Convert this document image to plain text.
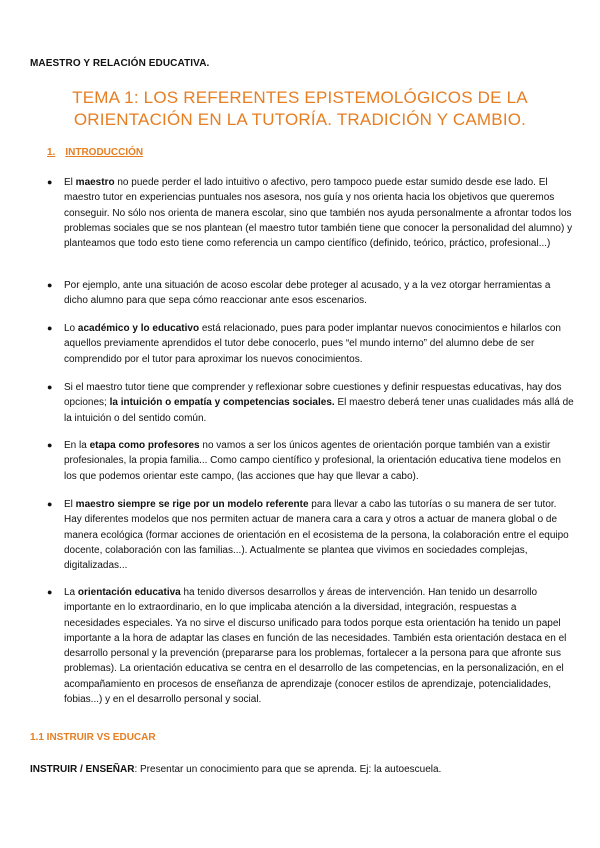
MAESTRO Y RELACIÓN EDUCATIVA.
TEMA 1: LOS REFERENTES EPISTEMOLÓGICOS DE LA
ORIENTACIÓN EN LA TUTORÍA. TRADICIÓN Y CAMBIO.
1. INTRODUCCIÓN
● El maestro no puede perder el lado intuitivo o afectivo, pero tampoco puede estar sumido desde ese lado. El maestro tutor en experiencias puntuales nos asesora, nos guía y nos orienta hacia los objetivos que queremos conseguir. No sólo nos orienta de manera escolar, sino que también nos ayuda personalmente a afrontar todos los problemas sociales que se nos plantean (el maestro tutor también tiene que conocer la personalidad del alumno) y planteamos que todo esto tiene como referencia un campo científico (definido, teórico, práctico, profesional...)
● Por ejemplo, ante una situación de acoso escolar debe proteger al acusado, y a la vez otorgar herramientas a dicho alumno para que sepa cómo reaccionar ante esos escenarios.
● Lo académico y lo educativo está relacionado, pues para poder implantar nuevos conocimientos e hilarlos con aquellos previamente aprendidos el tutor debe conocerlo, pues “el mundo interno” del alumno debe de ser comprendido por el tutor para aproximar los nuevos conocimientos.
● Si el maestro tutor tiene que comprender y reflexionar sobre cuestiones y definir respuestas educativas, hay dos opciones; la intuición o empatía y competencias sociales. El maestro deberá tener unas cualidades más allá de la intuición o del sentido común.
● En la etapa como profesores no vamos a ser los únicos agentes de orientación porque también van a existir profesionales, la propia familia... Como campo científico y profesional, la orientación educativa tiene modelos en los que podemos orientar este campo, (las acciones que hay que llevar a cabo).
● El maestro siempre se rige por un modelo referente para llevar a cabo las tutorías o su manera de ser tutor. Hay diferentes modelos que nos permiten actuar de manera cara a cara y otros a actuar de manera global o de manera ecológica (formar acciones de orientación en el ecosistema de la persona, la colaboración entre el equipo docente, colaboración con las familias...). Actualmente se plantea que vivimos en sociedades complejas, digitalizadas...
● La orientación educativa ha tenido diversos desarrollos y áreas de intervención. Han tenido un desarrollo importante en lo extraordinario, en lo que implicaba atención a la diversidad, integración, respuestas a necesidades especiales. Ya no sirve el discurso unificado para todos porque esta orientación ha tenido un papel importante a la hora de adaptar las clases en función de las necesidades. También esta orientación destaca en el desarrollo personal y la prevención (prepararse para los problemas, fortalecer a la persona para que afronte sus problemas). La orientación educativa se centra en el desarrollo de las competencias, en la personalización, en el acompañamiento en procesos de enseñanza de aprendizaje (conocer estilos de aprendizaje, potencialidades, fobias...) y en el desarrollo personal y social.
1.1 INSTRUIR VS EDUCAR
INSTRUIR / ENSEÑAR: Presentar un conocimiento para que se aprenda. Ej: la autoescuela.
